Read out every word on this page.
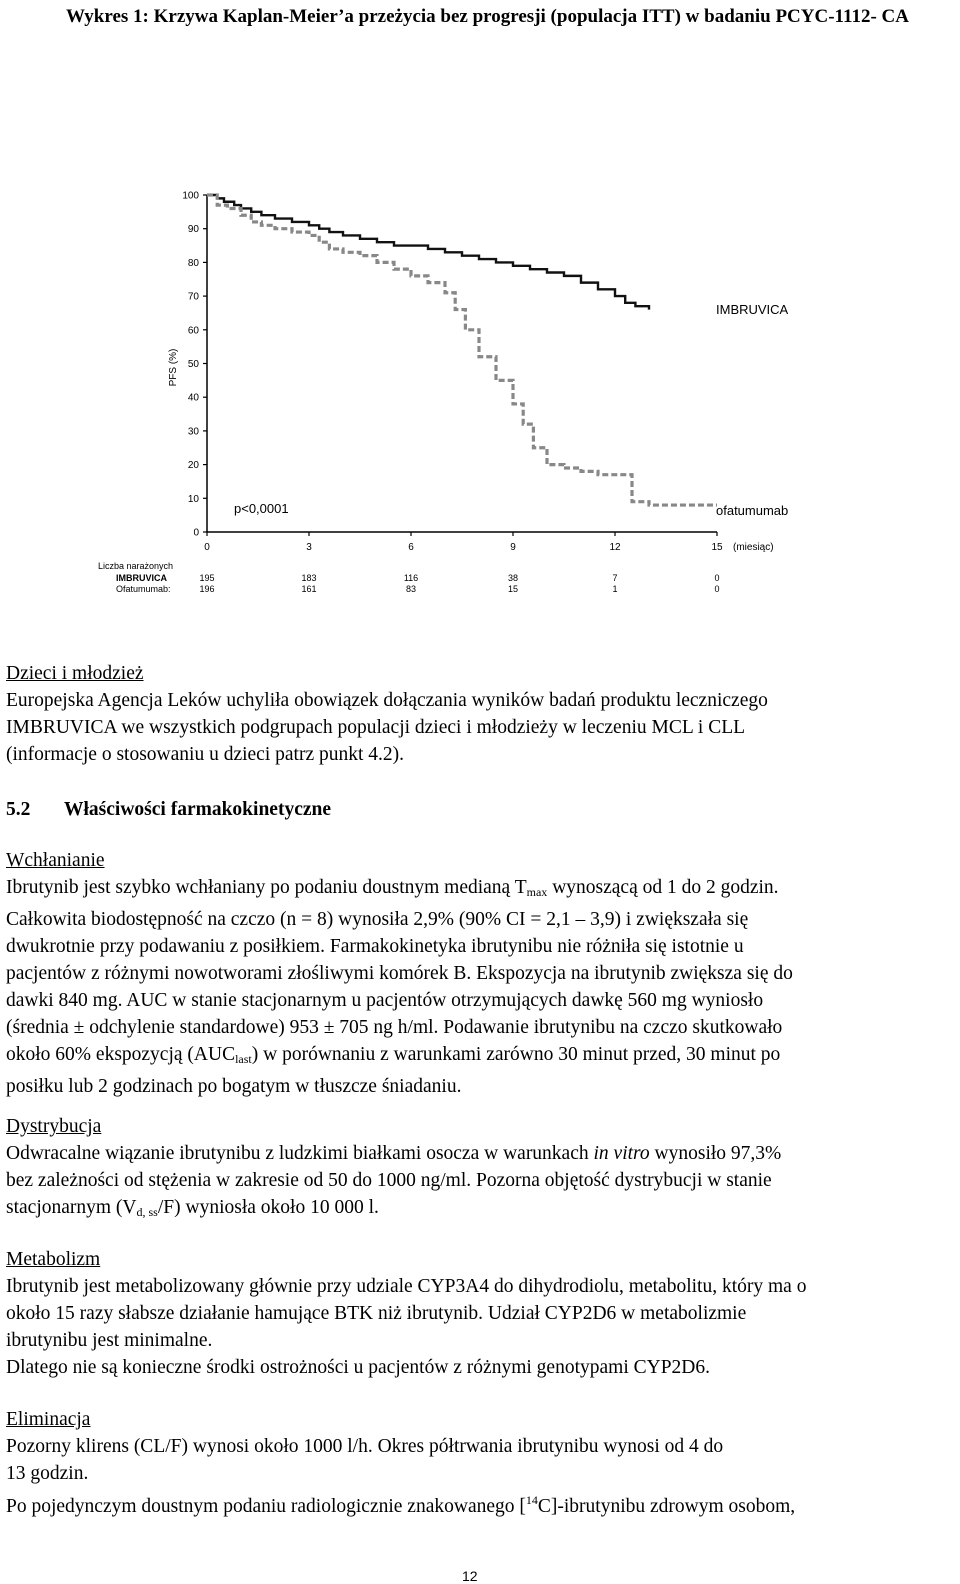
Wykres 1: Krzywa Kaplan-Meier’a przeżycia bez progresji (populacja ITT) w badaniu PCYC-1112- CA
0
10
20
30
40
50
60
70
80
90
100
PFS (%)
0	3	6	9	12	15 (miesiąc)
IMBRUVICA
ofatumumab
p<0,0001
Liczba narażonych
IMBRUVICA	195	183	116	38	7	0
Ofatumumab:	196	161	83	15	1	0

Dzieci i młodzież

Europejska Agencja Leków uchyliła obowiązek dołączania wyników badań produktu leczniczego

IMBRUVICA we wszystkich podgrupach populacji dzieci i młodzieży w leczeniu MCL i CLL

(informacje o stosowaniu u dzieci patrz punkt 4.2).

5.2 Właściwości farmakokinetyczne

Wchłanianie

Ibrutynib jest szybko wchłaniany po podaniu doustnym medianą $T_{max}$ wynoszącą od 1 do 2 godzin.

Całkowita biodostępność na czczo (n = 8) wynosiła 2,9% (90% CI = 2,1 – 3,9) i zwiększała się

dwukrotnie przy podawaniu z posiłkiem. Farmakokinetyka ibrutynibu nie różniła się istotnie u

pacjentów z różnymi nowotworami złośliwymi komórek B. Ekspozycja na ibrutynib zwiększa się do

dawki 840 mg. AUC w stanie stacjonarnym u pacjentów otrzymujących dawkę 560 mg wyniosło

(średnia ± odchylenie standardowe) 953 ± 705 ng h/ml. Podawanie ibrutynibu na czczo skutkowało

około 60% ekspozycją $(AUC_{last})$ w porównaniu z warunkami zarówno 30 minut przed, 30 minut po

posiłku lub 2 godzinach po bogatym w tłuszcze śniadaniu.

Dystrybucja

Odwracalne wiązanie ibrutynibu z ludzkimi białkami osocza w warunkach in vitro wynosiło 97,3%

bez zależności od stężenia w zakresie od 50 do 1000 ng/ml. Pozorna objętość dystrybucji w stanie

stacjonarnym $(V_{d, ss}/F)$ wyniosła około 10 000 l.

Metabolizm

Ibrutynib jest metabolizowany głównie przy udziale CYP3A4 do dihydrodiolu, metabolitu, który ma o

około 15 razy słabsze działanie hamujące BTK niż ibrutynib. Udział CYP2D6 w metabolizmie

ibrutynibu jest minimalne.

Dlatego nie są konieczne środki ostrożności u pacjentów z różnymi genotypami CYP2D6.

Eliminacja

Pozorny klirens (CL/F) wynosi około 1000 l/h. Okres półtrwania ibrutynibu wynosi od 4 do

13 godzin.

Po pojedynczym doustnym podaniu radiologicznie znakowanego [$^{14}$C]-ibrutynibu zdrowym osobom,

12
